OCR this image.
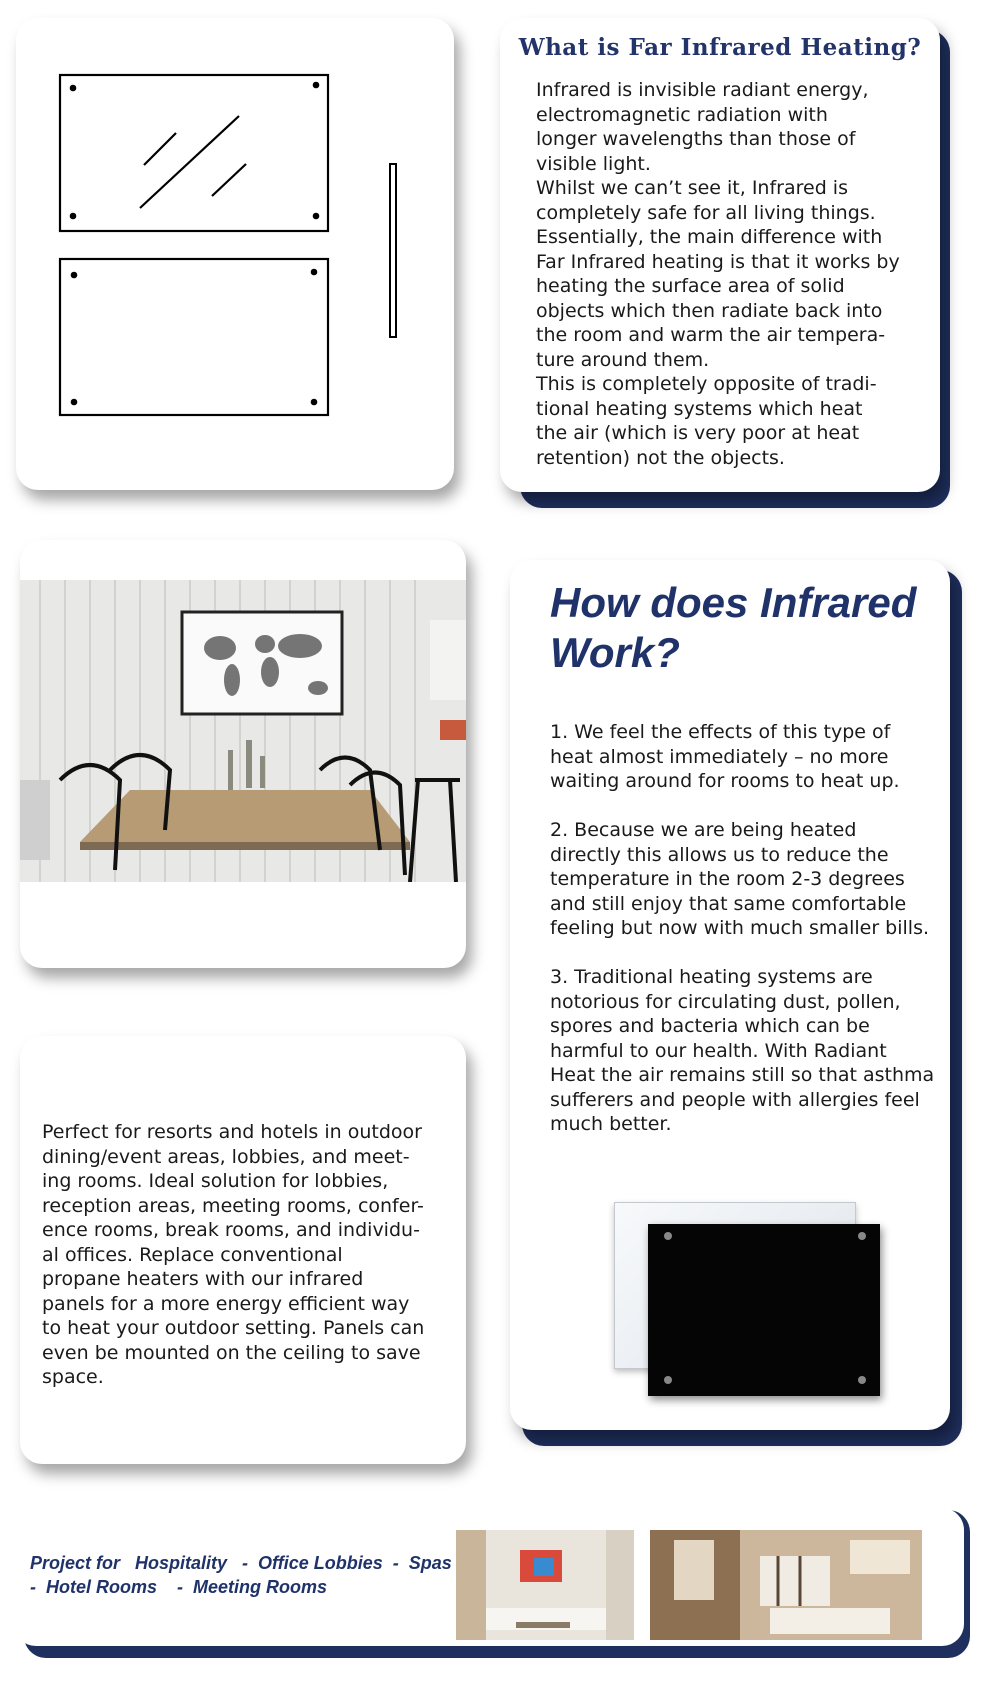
What is Far Infrared Heating?

Infrared is invisible radiant energy,
electromagnetic radiation with
longer wavelengths than those of
visible light.
Whilst we can’t see it, Infrared is
completely safe for all living things.
Essentially, the main difference with
Far Infrared heating is that it works by
heating the surface area of solid
objects which then radiate back into
the room and warm the air tempera-
ture around them.
This is completely opposite of tradi-
tional heating systems which heat
the air (which is very poor at heat
retention) not the objects.

How does Infrared Work?

1. We feel the effects of this type of
heat almost immediately – no more
waiting around for rooms to heat up.

2. Because we are being heated
directly this allows us to reduce the
temperature in the room 2-3 degrees
and still enjoy that same comfortable
feeling but now with much smaller bills.

3. Traditional heating systems are
notorious for circulating dust, pollen,
spores and bacteria which can be
harmful to our health. With Radiant
Heat the air remains still so that asthma
sufferers and people with allergies feel
much better.

Perfect for resorts and hotels in outdoor
dining/event areas, lobbies, and meet-
ing rooms. Ideal solution for lobbies,
reception areas, meeting rooms, confer-
ence rooms, break rooms, and individu-
al offices. Replace conventional
propane heaters with our infrared
panels for a more energy efficient way
to heat your outdoor setting. Panels can
even be mounted on the ceiling to save
space.

Project for   Hospitality   -  Office Lobbies  -  Spas
-  Hotel Rooms    -  Meeting Rooms
